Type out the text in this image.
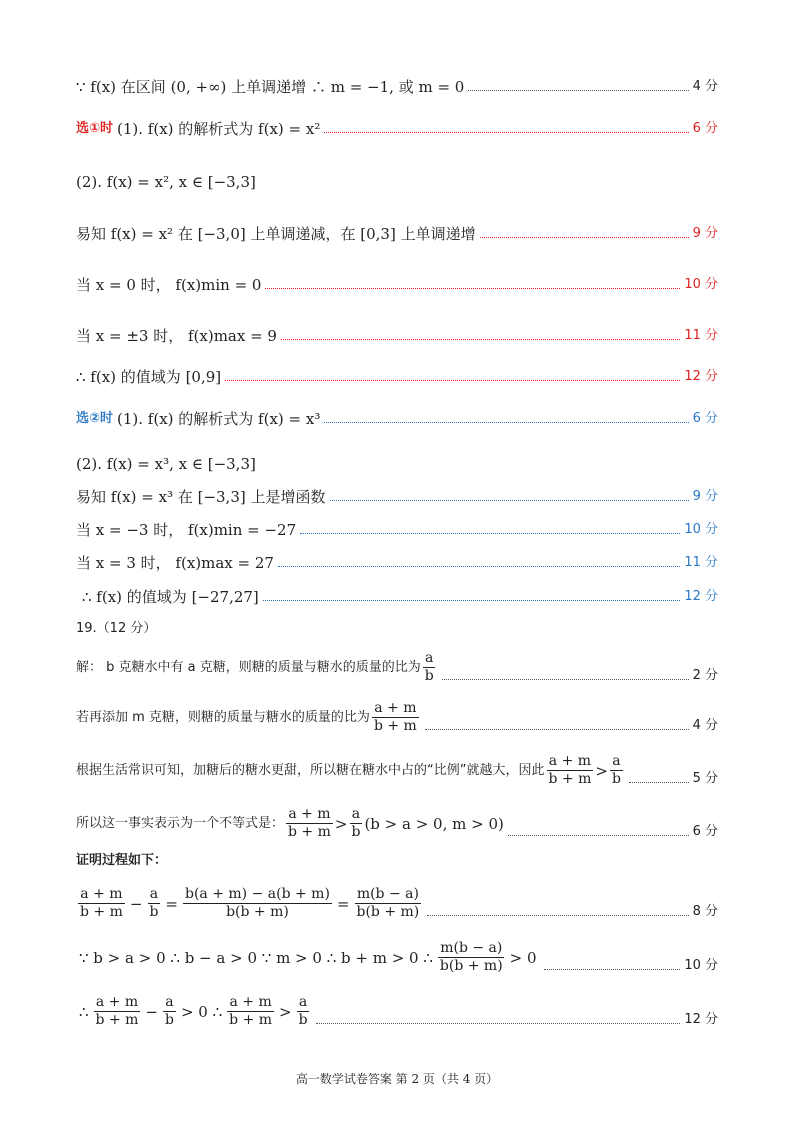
∵ f(x) 在区间 (0, +∞) 上单调递增 ∴ m = −1, 或 m = 0	4 分
选①时 (1). f(x) 的解析式为 f(x) = x²	6 分
(2). f(x) = x², x ∈ [−3,3]
易知 f(x) = x² 在 [−3,0] 上单调递减，在 [0,3] 上单调递增	9 分
当 x = 0 时， f(x)min = 0	10 分
当 x = ±3 时， f(x)max = 9	11 分
∴ f(x) 的值域为 [0,9]	12 分
选②时 (1). f(x) 的解析式为 f(x) = x³	6 分
(2). f(x) = x³, x ∈ [−3,3]
易知 f(x) = x³ 在 [−3,3] 上是增函数	9 分
当 x = −3 时， f(x)min = −27	10 分
当 x = 3 时， f(x)max = 27	11 分
∴ f(x) 的值域为 [−27,27]	12 分
19.（12 分）
解： b 克糖水中有 a 克糖，则糖的质量与糖水的质量的比为 $\frac{a}{b}$	2 分
若再添加 m 克糖，则糖的质量与糖水的质量的比为 $\frac{a + m}{b + m}$	4 分
根据生活常识可知，加糖后的糖水更甜，所以糖在糖水中占的“比例”就越大，因此 $\frac{a + m}{b + m} > \frac{a}{b}$	5 分
所以这一事实表示为一个不等式是： $\frac{a + m}{b + m} > \frac{a}{b} (b > a > 0$, m > 0)	6 分
证明过程如下：
$\frac{a + m}{b + m} - \frac{a}{b} = \frac{b(a + m) - a(b + m)}{b(b + m)} = \frac{m(b - a)}{b(b + m)}$	8 分
∵ b > a > 0 ∴ b − a > 0 ∵ m > 0 ∴ b + m > 0 ∴ $\frac{m(b - a)}{b(b + m)} > 0$	10 分
∴ $\frac{a + m}{b + m} - \frac{a}{b} > 0$ ∴ $\frac{a + m}{b + m} > \frac{a}{b}$	12 分
高一数学试卷答案 第 2 页（共 4 页）
